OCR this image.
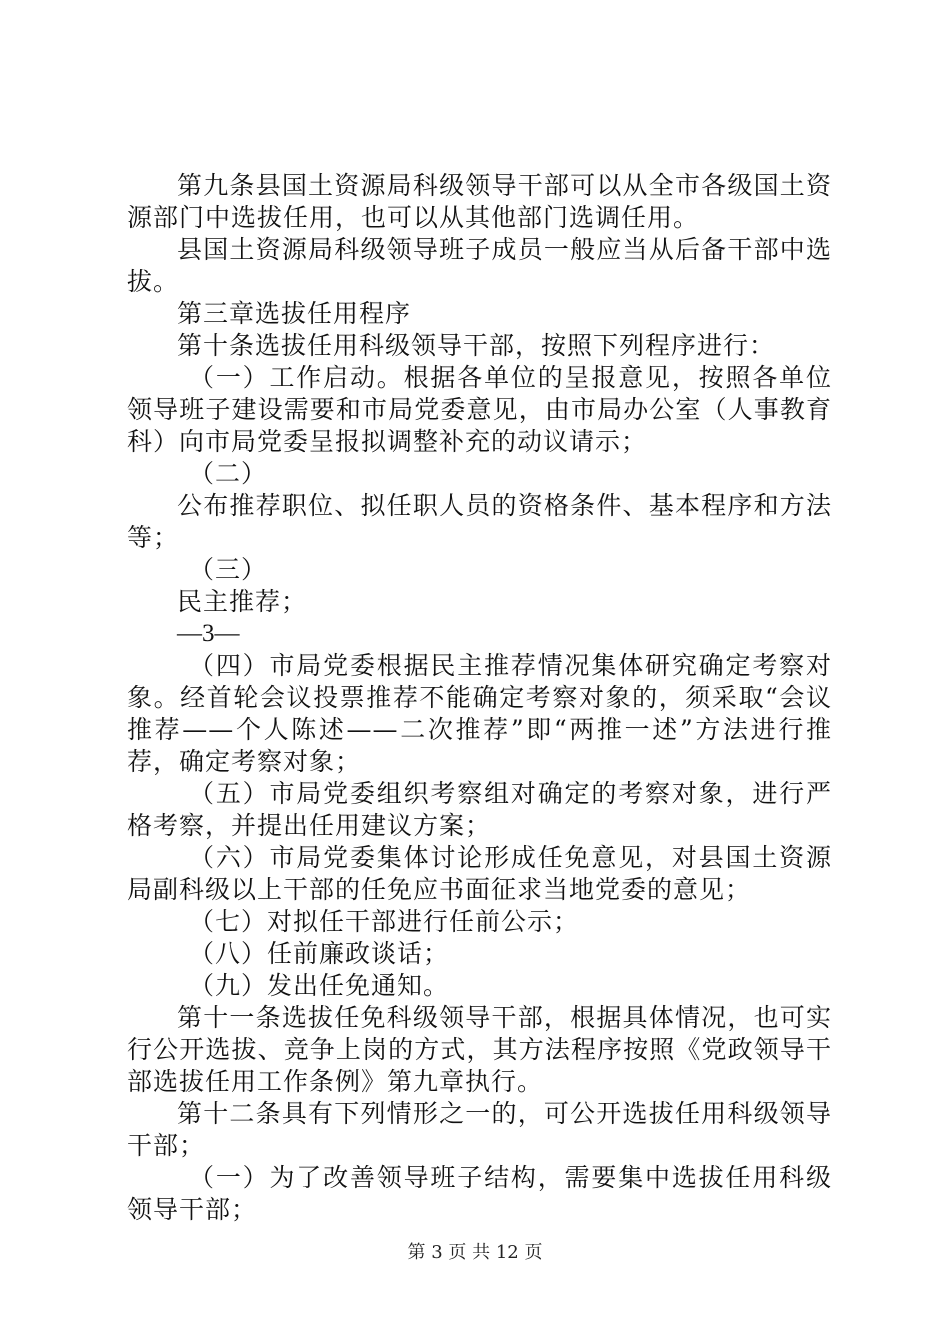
第九条县国土资源局科级领导干部可以从全市各级国土资源部门中选拔任用，也可以从其他部门选调任用。

县国土资源局科级领导班子成员一般应当从后备干部中选拔。

第三章选拔任用程序

第十条选拔任用科级领导干部，按照下列程序进行：

（一）工作启动。根据各单位的呈报意见，按照各单位领导班子建设需要和市局党委意见，由市局办公室（人事教育科）向市局党委呈报拟调整补充的动议请示；

（二）

公布推荐职位、拟任职人员的资格条件、基本程序和方法等；

（三）

民主推荐；

—3—

（四）市局党委根据民主推荐情况集体研究确定考察对象。经首轮会议投票推荐不能确定考察对象的，须采取“会议推荐——个人陈述——二次推荐”即“两推一述”方法进行推荐，确定考察对象；

（五）市局党委组织考察组对确定的考察对象，进行严格考察，并提出任用建议方案；

（六）市局党委集体讨论形成任免意见，对县国土资源局副科级以上干部的任免应书面征求当地党委的意见；

（七）对拟任干部进行任前公示；

（八）任前廉政谈话；

（九）发出任免通知。

第十一条选拔任免科级领导干部，根据具体情况，也可实行公开选拔、竞争上岗的方式，其方法程序按照《党政领导干部选拔任用工作条例》第九章执行。

第十二条具有下列情形之一的，可公开选拔任用科级领导干部；

（一）为了改善领导班子结构，需要集中选拔任用科级领导干部；

第 3 页 共 12 页
